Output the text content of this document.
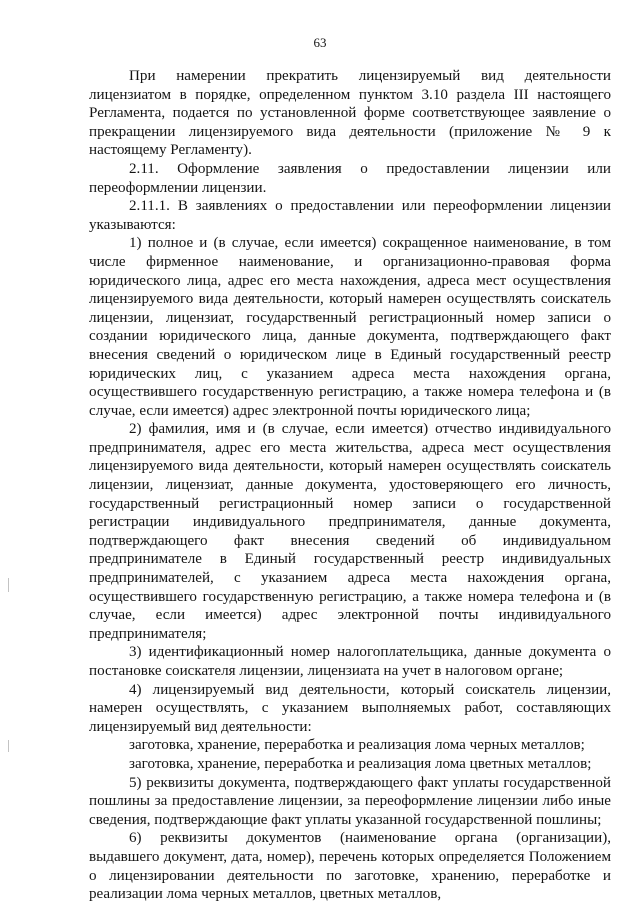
63

При намерении прекратить лицензируемый вид деятельности лицензиатом в порядке, определенном пунктом 3.10 раздела III настоящего Регламента, подается по установленной форме соответствующее заявление о прекращении лицензируемого вида деятельности (приложение № 9 к настоящему Регламенту).

2.11. Оформление заявления о предоставлении лицензии или переоформлении лицензии.

2.11.1. В заявлениях о предоставлении или переоформлении лицензии указываются:

1) полное и (в случае, если имеется) сокращенное наименование, в том числе фирменное наименование, и организационно-правовая форма юридического лица, адрес его места нахождения, адреса мест осуществления лицензируемого вида деятельности, который намерен осуществлять соискатель лицензии, лицензиат, государственный регистрационный номер записи о создании юридического лица, данные документа, подтверждающего факт внесения сведений о юридическом лице в Единый государственный реестр юридических лиц, с указанием адреса места нахождения органа, осуществившего государственную регистрацию, а также номера телефона и (в случае, если имеется) адрес электронной почты юридического лица;

2) фамилия, имя и (в случае, если имеется) отчество индивидуального предпринимателя, адрес его места жительства, адреса мест осуществления лицензируемого вида деятельности, который намерен осуществлять соискатель лицензии, лицензиат, данные документа, удостоверяющего его личность, государственный регистрационный номер записи о государственной регистрации индивидуального предпринимателя, данные документа, подтверждающего факт внесения сведений об индивидуальном предпринимателе в Единый государственный реестр индивидуальных предпринимателей, с указанием адреса места нахождения органа, осуществившего государственную регистрацию, а также номера телефона и (в случае, если имеется) адрес электронной почты индивидуального предпринимателя;

3) идентификационный номер налогоплательщика, данные документа о постановке соискателя лицензии, лицензиата на учет в налоговом органе;

4) лицензируемый вид деятельности, который соискатель лицензии, намерен осуществлять, с указанием выполняемых работ, составляющих лицензируемый вид деятельности:

заготовка, хранение, переработка и реализация лома черных металлов;

заготовка, хранение, переработка и реализация лома цветных металлов;

5) реквизиты документа, подтверждающего факт уплаты государственной пошлины за предоставление лицензии, за переоформление лицензии либо иные сведения, подтверждающие факт уплаты указанной государственной пошлины;

6) реквизиты документов (наименование органа (организации), выдавшего документ, дата, номер), перечень которых определяется Положением о лицензировании деятельности по заготовке, хранению, переработке и реализации лома черных металлов, цветных металлов,
